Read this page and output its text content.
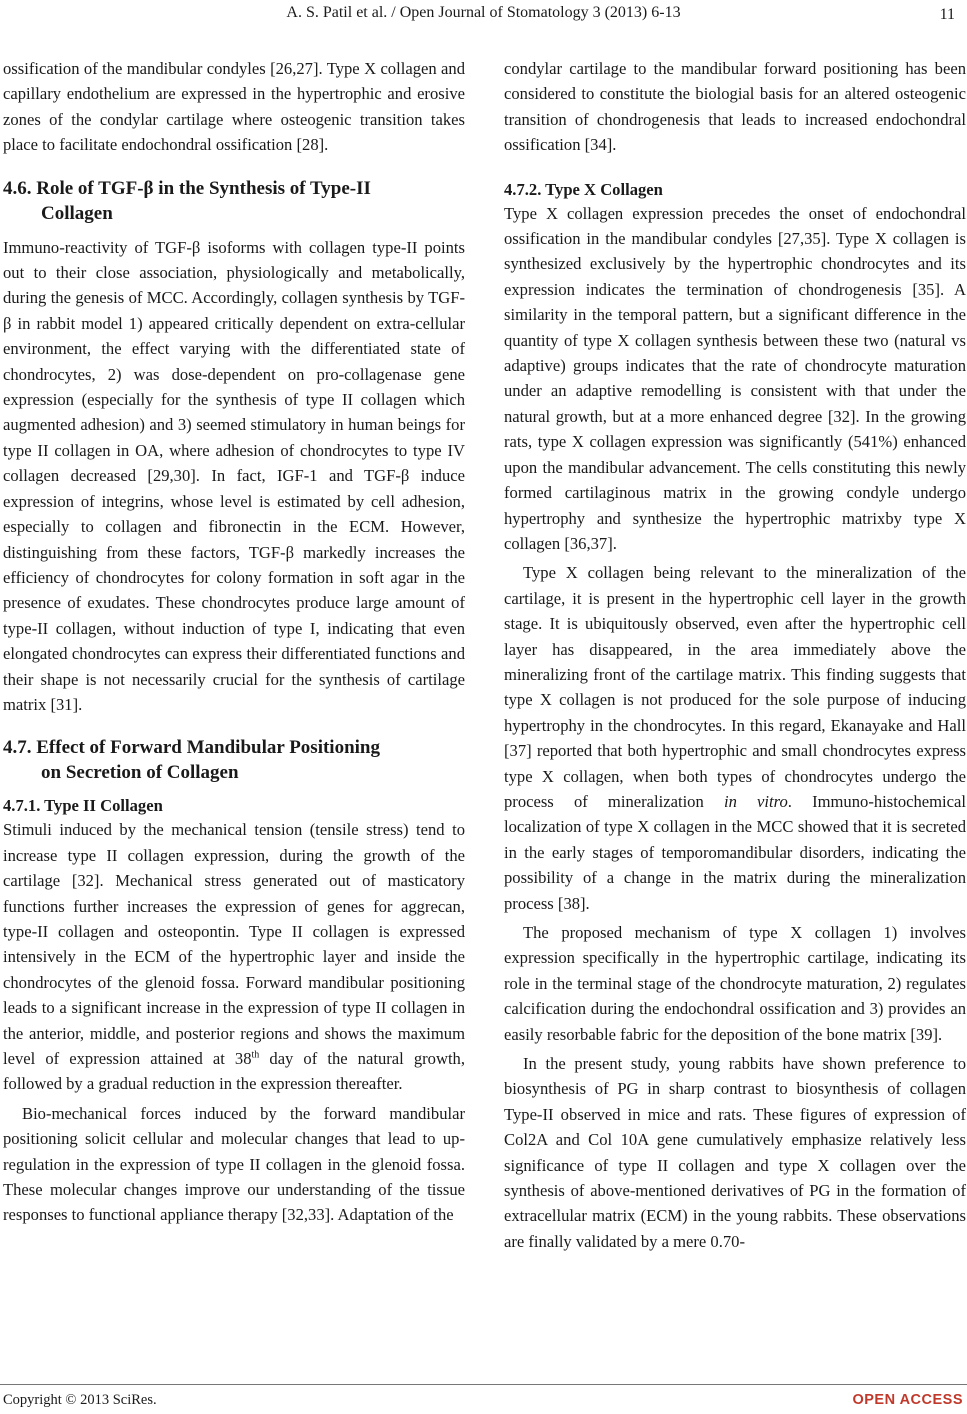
A. S. Patil et al. / Open Journal of Stomatology 3 (2013) 6-13	11

ossification of the mandibular condyles [26,27]. Type X collagen and capillary endothelium are expressed in the hypertrophic and erosive zones of the condylar cartilage where osteogenic transition takes place to facilitate endochondral ossification [28].

4.6. Role of TGF-β in the Synthesis of Type-II
Collagen

Immuno-reactivity of TGF-β isoforms with collagen type-II points out to their close association, physiologically and metabolically, during the genesis of MCC. Accordingly, collagen synthesis by TGF-β in rabbit model 1) appeared critically dependent on extra-cellular environment, the effect varying with the differentiated state of chondrocytes, 2) was dose-dependent on pro-collagenase gene expression (especially for the synthesis of type II collagen which augmented adhesion) and 3) seemed stimulatory in human beings for type II collagen in OA, where adhesion of chondrocytes to type IV collagen decreased [29,30]. In fact, IGF-1 and TGF-β induce expression of integrins, whose level is estimated by cell adhesion, especially to collagen and fibronectin in the ECM. However, distinguishing from these factors, TGF-β markedly increases the efficiency of chondrocytes for colony formation in soft agar in the presence of exudates. These chondrocytes produce large amount of type-II collagen, without induction of type I, indicating that even elongated chondrocytes can express their differentiated functions and their shape is not necessarily crucial for the synthesis of cartilage matrix [31].

4.7. Effect of Forward Mandibular Positioning
on Secretion of Collagen
4.7.1. Type II Collagen

Stimuli induced by the mechanical tension (tensile stress) tend to increase type II collagen expression, during the growth of the cartilage [32]. Mechanical stress generated out of masticatory functions further increases the expression of genes for aggrecan, type-II collagen and osteopontin. Type II collagen is expressed intensively in the ECM of the hypertrophic layer and inside the chondrocytes of the glenoid fossa. Forward mandibular positioning leads to a significant increase in the expression of type II collagen in the anterior, middle, and posterior regions and shows the maximum level of expression attained at 38th day of the natural growth, followed by a gradual reduction in the expression thereafter.

Bio-mechanical forces induced by the forward mandibular positioning solicit cellular and molecular changes that lead to up-regulation in the expression of type II collagen in the glenoid fossa. These molecular changes improve our understanding of the tissue responses to functional appliance therapy [32,33]. Adaptation of the

condylar cartilage to the mandibular forward positioning has been considered to constitute the biologial basis for an altered osteogenic transition of chondrogenesis that leads to increased endochondral ossification [34].

4.7.2. Type X Collagen

Type X collagen expression precedes the onset of endochondral ossification in the mandibular condyles [27,35]. Type X collagen is synthesized exclusively by the hypertrophic chondrocytes and its expression indicates the termination of chondrogenesis [35]. A similarity in the temporal pattern, but a significant difference in the quantity of type X collagen synthesis between these two (natural vs adaptive) groups indicates that the rate of chondrocyte maturation under an adaptive remodelling is consistent with that under the natural growth, but at a more enhanced degree [32]. In the growing rats, type X collagen expression was significantly (541%) enhanced upon the mandibular advancement. The cells constituting this newly formed cartilaginous matrix in the growing condyle undergo hypertrophy and synthesize the hypertrophic matrixby type X collagen [36,37].

Type X collagen being relevant to the mineralization of the cartilage, it is present in the hypertrophic cell layer in the growth stage. It is ubiquitously observed, even after the hypertrophic cell layer has disappeared, in the area immediately above the mineralizing front of the cartilage matrix. This finding suggests that type X collagen is not produced for the sole purpose of inducing hypertrophy in the chondrocytes. In this regard, Ekanayake and Hall [37] reported that both hypertrophic and small chondrocytes express type X collagen, when both types of chondrocytes undergo the process of mineralization in vitro. Immuno-histochemical localization of type X collagen in the MCC showed that it is secreted in the early stages of temporomandibular disorders, indicating the possibility of a change in the matrix during the mineralization process [38].

The proposed mechanism of type X collagen 1) involves expression specifically in the hypertrophic cartilage, indicating its role in the terminal stage of the chondrocyte maturation, 2) regulates calcification during the endochondral ossification and 3) provides an easily resorbable fabric for the deposition of the bone matrix [39].

In the present study, young rabbits have shown preference to biosynthesis of PG in sharp contrast to biosynthesis of collagen Type-II observed in mice and rats. These figures of expression of Col2A and Col 10A gene cumulatively emphasize relatively less significance of type II collagen and type X collagen over the synthesis of above-mentioned derivatives of PG in the formation of extracellular matrix (ECM) in the young rabbits. These observations are finally validated by a mere 0.70-

Copyright © 2013 SciRes.	OPEN ACCESS
